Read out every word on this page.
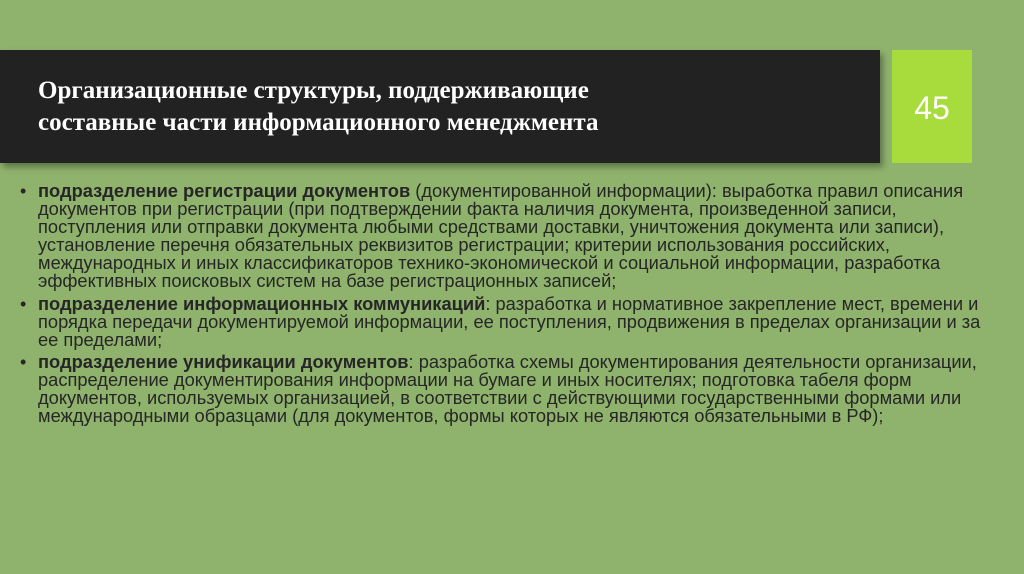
Организационные структуры, поддерживающие
составные части информационного менеджмента	45
• подразделение регистрации документов (документированной информации): выработка правил описания документов при регистрации (при подтверждении факта наличия документа, произведенной записи, поступления или отправки документа любыми средствами доставки, уничтожения документа или записи), установление перечня обязательных реквизитов регистрации; критерии использования российских, международных и иных классификаторов технико-экономической и социальной информации, разработка эффективных поисковых систем на базе регистрационных записей;
• подразделение информационных коммуникаций: разработка и нормативное закрепление мест, времени и порядка передачи документируемой информации, ее поступления, продвижения в пределах организации и за ее пределами;
• подразделение унификации документов: разработка схемы документирования деятельности организации, распределение документирования информации на бумаге и иных носителях; подготовка табеля форм документов, используемых организацией, в соответствии с действующими государственными формами или международными образцами (для документов, формы которых не являются обязательными в РФ);
